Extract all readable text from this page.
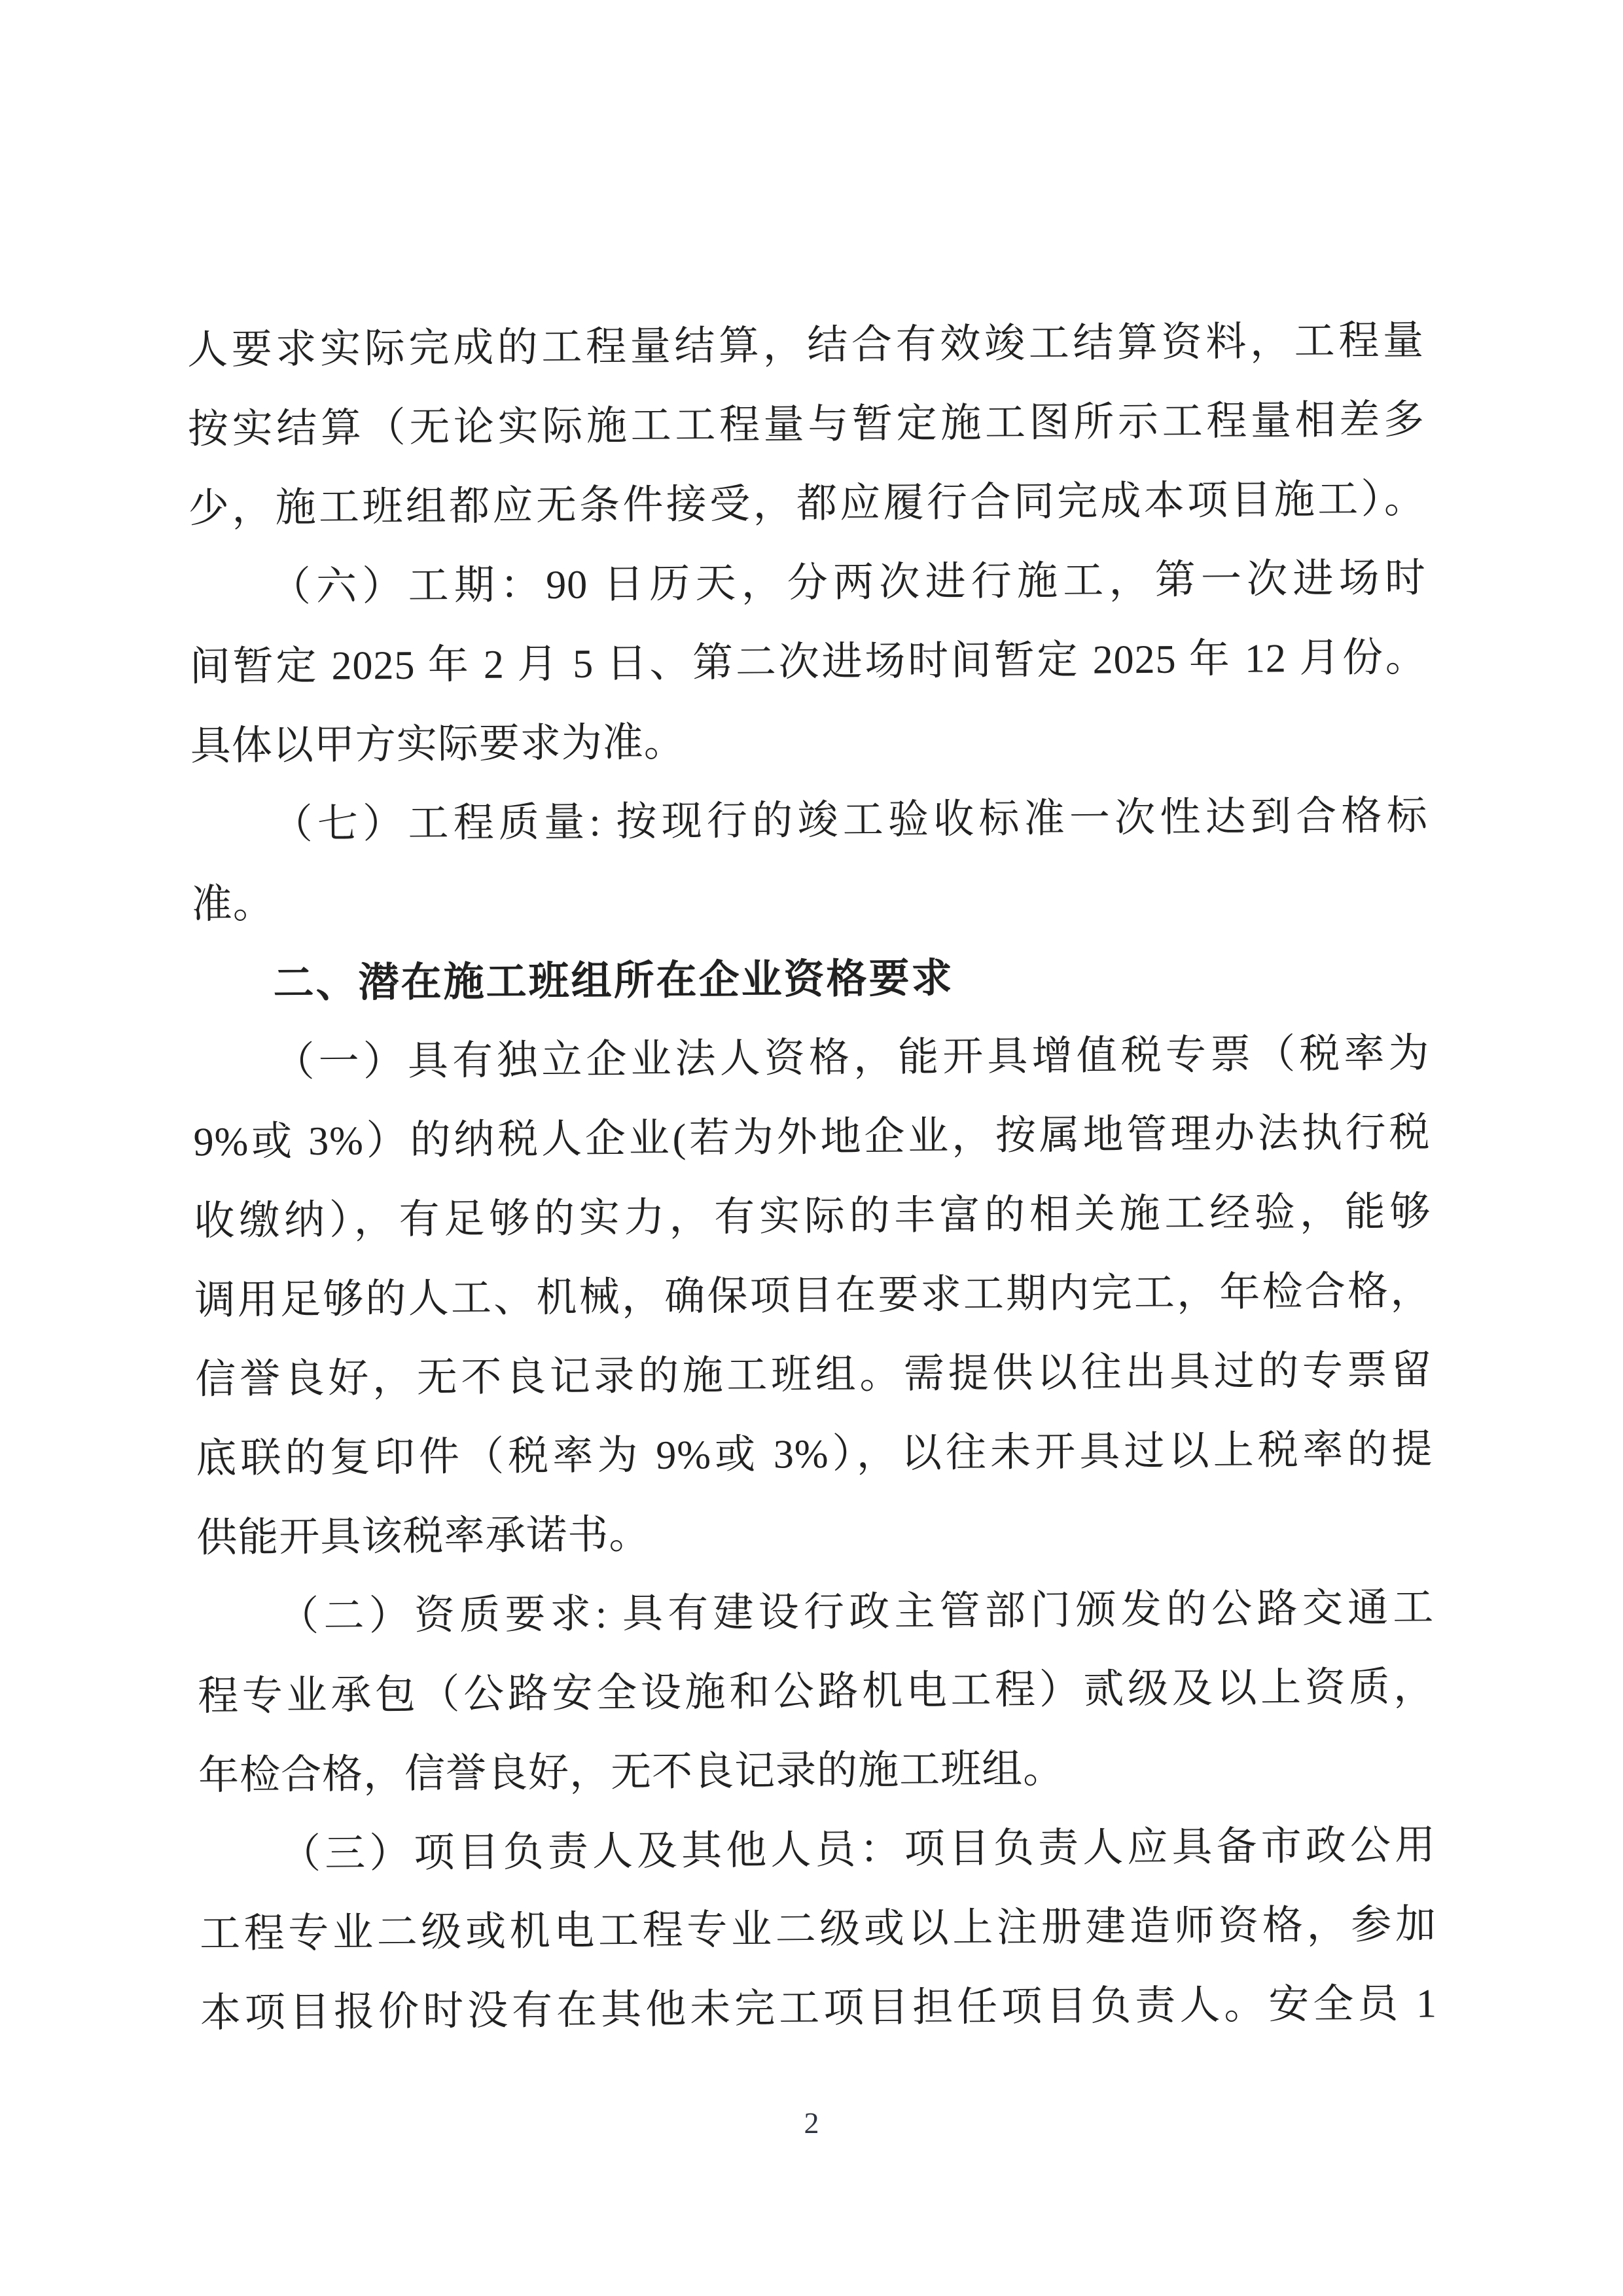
人要求实际完成的工程量结算，结合有效竣工结算资料，工程量
按实结算（无论实际施工工程量与暂定施工图所示工程量相差多
少，施工班组都应无条件接受，都应履行合同完成本项目施工）。
（六）工期：90 日历天，分两次进行施工，第一次进场时
间暂定 2025 年 2 月 5 日、第二次进场时间暂定 2025 年 12 月份。
具体以甲方实际要求为准。
（七）工程质量: 按现行的竣工验收标准一次性达到合格标
准。
二、潜在施工班组所在企业资格要求
（一）具有独立企业法人资格，能开具增值税专票（税率为
9%或 3%）的纳税人企业(若为外地企业，按属地管理办法执行税
收缴纳），有足够的实力，有实际的丰富的相关施工经验，能够
调用足够的人工、机械，确保项目在要求工期内完工，年检合格，
信誉良好，无不良记录的施工班组。需提供以往出具过的专票留
底联的复印件（税率为 9%或 3%），以往未开具过以上税率的提
供能开具该税率承诺书。
（二）资质要求: 具有建设行政主管部门颁发的公路交通工
程专业承包（公路安全设施和公路机电工程）贰级及以上资质，
年检合格，信誉良好，无不良记录的施工班组。
（三）项目负责人及其他人员：项目负责人应具备市政公用
工程专业二级或机电工程专业二级或以上注册建造师资格，参加
本项目报价时没有在其他未完工项目担任项目负责人。安全员 1
2
